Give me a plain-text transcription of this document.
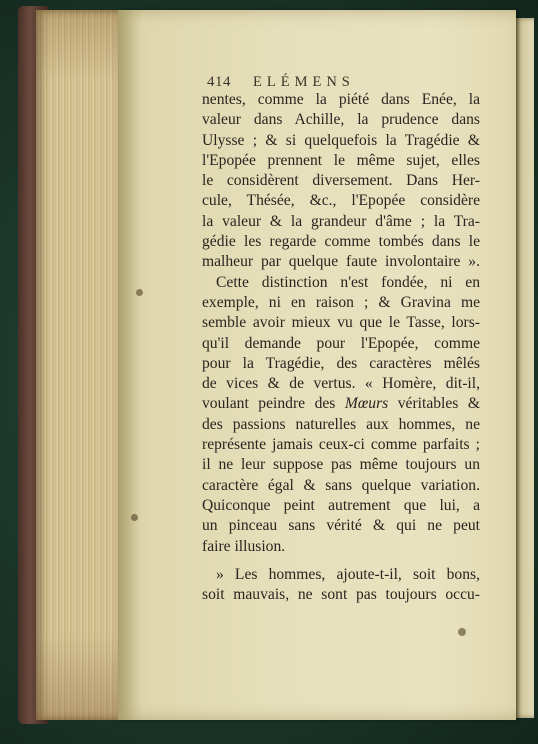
414 ELÉMENS
nentes, comme la piété dans Enée, la
valeur dans Achille, la prudence dans
Ulysse ; & si quelquefois la Tragédie &
l'Epopée prennent le même sujet, elles
le considèrent diversement. Dans Her-
cule, Thésée, &c., l'Epopée considère
la valeur & la grandeur d'âme ; la Tra-
gédie les regarde comme tombés dans le
malheur par quelque faute involontaire ».
Cette distinction n'est fondée, ni en
exemple, ni en raison ; & Gravina me
semble avoir mieux vu que le Tasse, lors-
qu'il demande pour l'Epopée, comme
pour la Tragédie, des caractères mêlés
de vices & de vertus. « Homère, dit-il,
voulant peindre des Mœurs véritables &
des passions naturelles aux hommes, ne
représente jamais ceux-ci comme parfaits ;
il ne leur suppose pas même toujours un
caractère égal & sans quelque variation.
Quiconque peint autrement que lui, a
un pinceau sans vérité & qui ne peut
faire illusion.
» Les hommes, ajoute-t-il, soit bons,
soit mauvais, ne sont pas toujours occu-
